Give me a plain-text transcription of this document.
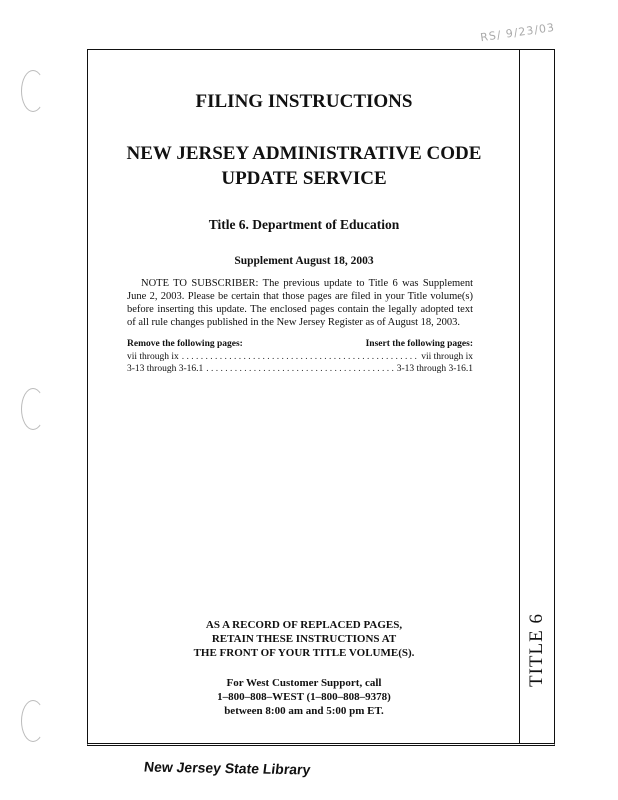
RS/ 9/23/03
TITLE 6
FILING INSTRUCTIONS
NEW JERSEY ADMINISTRATIVE CODE
UPDATE SERVICE
Title 6. Department of Education
Supplement August 18, 2003
NOTE TO SUBSCRIBER: The previous update to Title 6 was Supplement June 2, 2003. Please be certain that those pages are filed in your Title volume(s) before inserting this update. The enclosed pages contain the legally adopted text of all rule changes published in the New Jersey Register as of August 18, 2003.
Remove the following pages:	Insert the following pages:
vii through ix . . .	vii through ix
3-13 through 3-16.1 . . .	3-13 through 3-16.1
AS A RECORD OF REPLACED PAGES,
RETAIN THESE INSTRUCTIONS AT
THE FRONT OF YOUR TITLE VOLUME(S).
For West Customer Support, call
1–800–808–WEST (1–800–808–9378)
between 8:00 am and 5:00 pm ET.
New Jersey State Library
